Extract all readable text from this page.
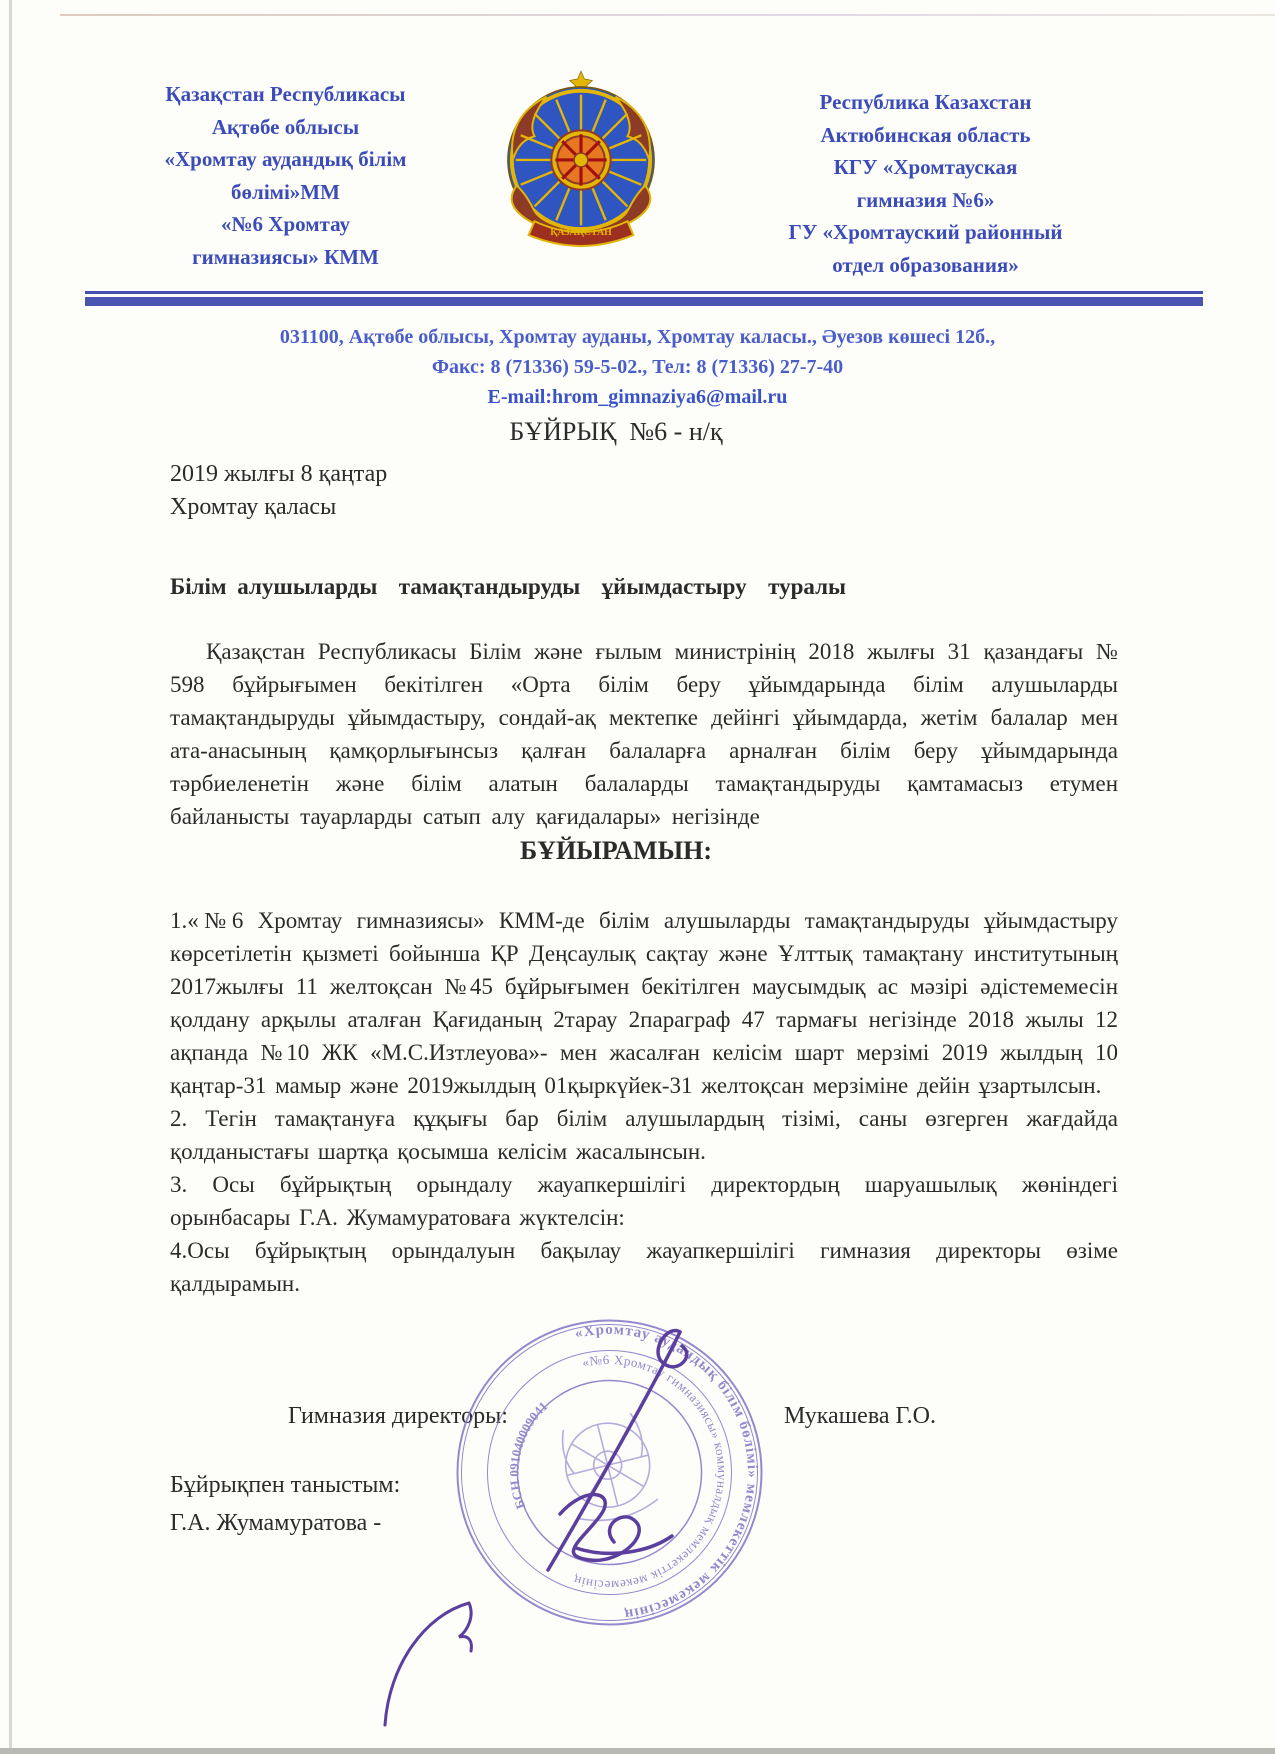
Қазақстан Республикасы
Ақтөбе облысы
«Хромтау аудандық білім
бөлімі»ММ
«№6 Хромтау
гимназиясы» КММ
ҚАЗАҚСТАН
Республика Казахстан
Актюбинская область
КГУ «Хромтауская
гимназия №6»
ГУ «Хромтауский районный
отдел образования»
031100, Ақтөбе облысы, Хромтау ауданы, Хромтау каласы., Әуезов көшесі 12б.,
Факс: 8 (71336) 59-5-02., Тел: 8 (71336) 27-7-40
E-mail:hrom_gimnaziya6@mail.ru
БҰЙРЫҚ  №6 - н/қ
2019 жылғы 8 қаңтар
Хромтау қаласы
Білім алушыларды  тамақтандыруды  ұйымдастыру  туралы
Қазақстан Республикасы Білім және ғылым министрінің 2018 жылғы 31 қазандағы № 598 бұйрығымен бекітілген «Орта білім беру ұйымдарында білім алушыларды тамақтандыруды ұйымдастыру, сондай-ақ мектепке дейінгі ұйымдарда, жетім балалар мен ата-анасының қамқорлығынсыз қалған балаларға арналған білім беру ұйымдарында тәрбиеленетін және білім алатын балаларды тамақтандыруды қамтамасыз етумен байланысты тауарларды сатып алу қағидалары» негізінде
БҰЙЫРАМЫН:
1.«№6 Хромтау гимназиясы» КММ-де білім алушыларды тамақтандыруды ұйымдастыру көрсетілетін қызметі бойынша ҚР Деңсаулық сақтау және Ұлттық тамақтану институтының 2017жылғы 11 желтоқсан №45 бұйрығымен бекітілген маусымдық ас мәзірі әдістемемесін қолдану арқылы аталған Қағиданың 2тарау 2параграф 47 тармағы негізінде 2018 жылы 12 ақпанда №10 ЖК «М.С.Изтлеуова»- мен жасалған келісім шарт мерзімі 2019 жылдың 10 қаңтар-31 мамыр және 2019жылдың 01қыркүйек-31 желтоқсан мерзіміне дейін ұзартылсын.
2. Тегін тамақтануға құқығы бар білім алушылардың тізімі, саны өзгерген жағдайда қолданыстағы шартқа қосымша келісім жасалынсын.
3. Осы бұйрықтың орындалу жауапкершілігі директордың шаруашылық жөніндегі орынбасары Г.А. Жумамуратоваға жүктелсін:
4.Осы бұйрықтың орындалуын бақылау жауапкершілігі гимназия директоры өзіме қалдырамын.
Гимназия директоры:	Мукашева Г.О.
Бұйрықпен таныстым:
Г.А. Жумамуратова -
«Хромтау аудандық білім бөлімі» мемлекеттік мекемесінің
«№6 Хромтау гимназиясы» коммуналдық мемлекеттік мекемесінің
БСН 091040009041
